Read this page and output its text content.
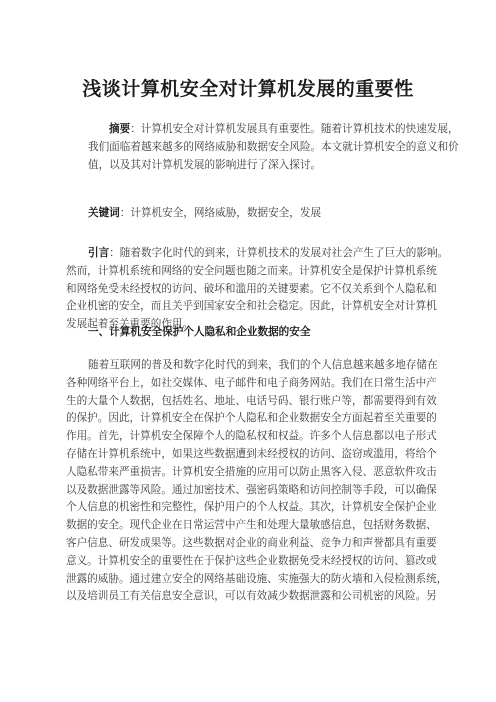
浅谈计算机安全对计算机发展的重要性
摘要：计算机安全对计算机发展具有重要性。随着计算机技术的快速发展，
我们面临着越来越多的网络威胁和数据安全风险。本文就计算机安全的意义和价
值，以及其对计算机发展的影响进行了深入探讨。
关键词：计算机安全，网络威胁，数据安全，发展
引言：随着数字化时代的到来，计算机技术的发展对社会产生了巨大的影响。
然而，计算机系统和网络的安全问题也随之而来。计算机安全是保护计算机系统
和网络免受未经授权的访问、破坏和滥用的关键要素。它不仅关系到个人隐私和
企业机密的安全，而且关乎到国家安全和社会稳定。因此，计算机安全对计算机
发展起着至关重要的作用。
一、计算机安全保护个人隐私和企业数据的安全
随着互联网的普及和数字化时代的到来，我们的个人信息越来越多地存储在
各种网络平台上，如社交媒体、电子邮件和电子商务网站。我们在日常生活中产
生的大量个人数据，包括姓名、地址、电话号码、银行账户等，都需要得到有效
的保护。因此，计算机安全在保护个人隐私和企业数据安全方面起着至关重要的
作用。首先，计算机安全保障个人的隐私权和权益。许多个人信息都以电子形式
存储在计算机系统中，如果这些数据遭到未经授权的访问、盗窃或滥用，将给个
人隐私带来严重损害。计算机安全措施的应用可以防止黑客入侵、恶意软件攻击
以及数据泄露等风险。通过加密技术、强密码策略和访问控制等手段，可以确保
个人信息的机密性和完整性，保护用户的个人权益。其次，计算机安全保护企业
数据的安全。现代企业在日常运营中产生和处理大量敏感信息，包括财务数据、
客户信息、研发成果等。这些数据对企业的商业利益、竞争力和声誉都具有重要
意义。计算机安全的重要性在于保护这些企业数据免受未经授权的访问、篡改或
泄露的威胁。通过建立安全的网络基础设施、实施强大的防火墙和入侵检测系统，
以及培训员工有关信息安全意识，可以有效减少数据泄露和公司机密的风险。另
